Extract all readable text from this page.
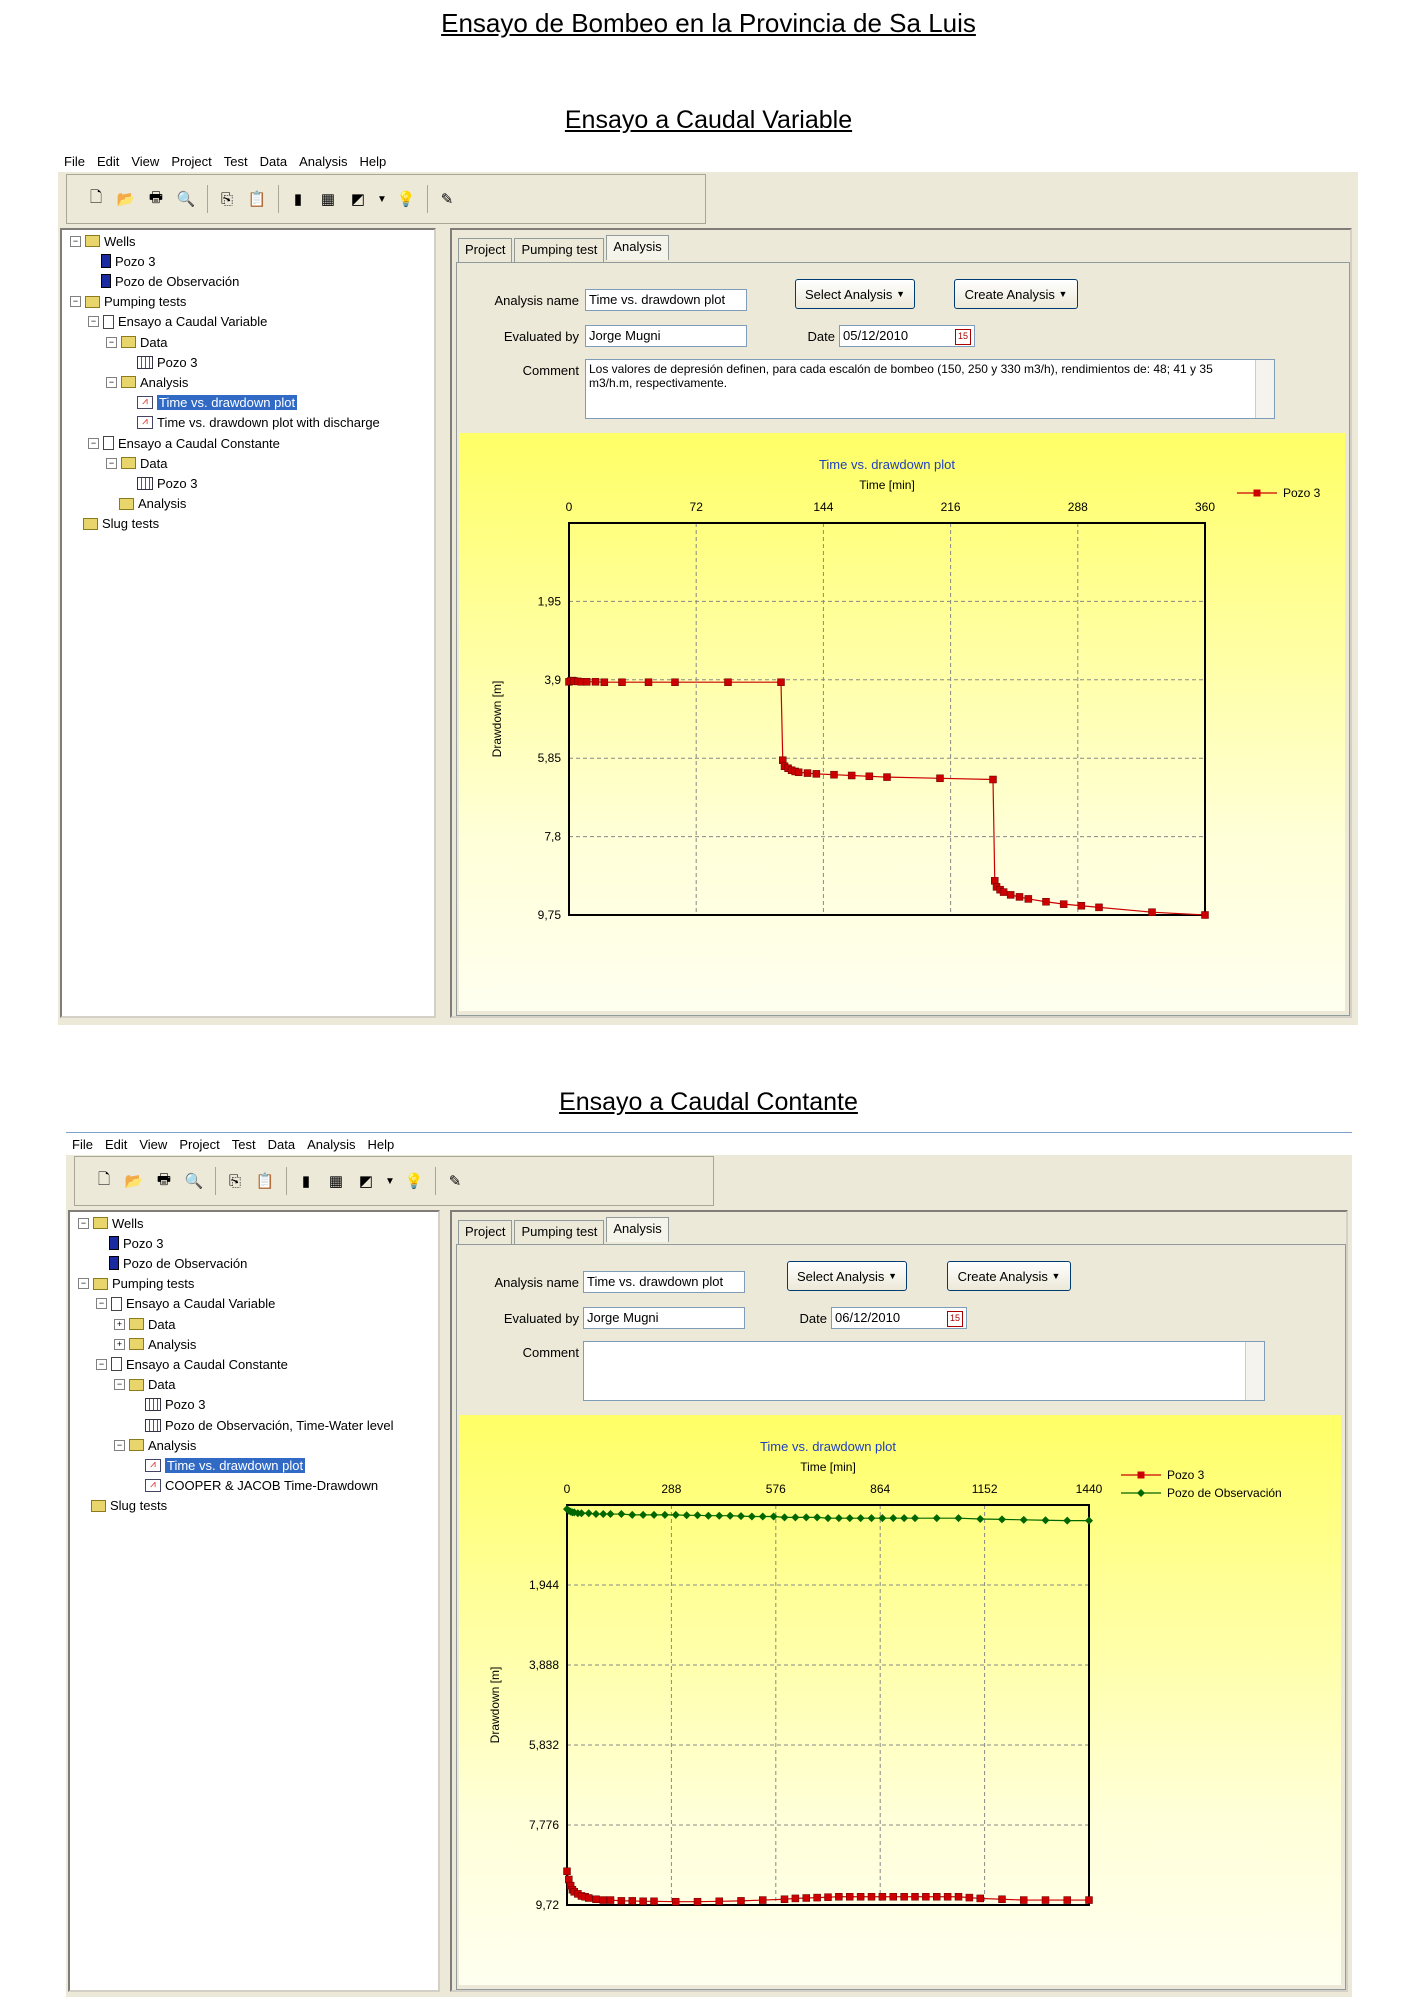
Ensayo de Bombeo en la Provincia de Sa Luis
Ensayo a Caudal Variable
File Edit View Project Test Data Analysis Help
🗋 📂 🖶 🔍	⎘ 📋	▮	▦ ◩	▼ 💡	✎
− Wells
Pozo 3
Pozo de Observación
− Pumping tests
− Ensayo a Caudal Variable
− Data
Pozo 3
− Analysis
⩘ Time vs. drawdown plot
⩘ Time vs. drawdown plot with discharge
− Ensayo a Caudal Constante
− Data
Pozo 3
Analysis
Slug tests
Project	Pumping test	Analysis
Analysis name Time vs. drawdown plot	Select Analysis
▼	Create Analysis
▼
Evaluated by Jorge Mugni	Date 05/12/2010	15
Comment Los valores de depresión definen, para cada escalón de bombeo (150, 250 y 330 m3/h), rendimientos de: 48; 41 y 35 m3/h.m, respectivamente.
Time vs. drawdown plot
Time [min]
Drawdown [m]
0	72	144	216	288	360
1,95
3,9
5,85
7,8
9,75
Pozo 3
Ensayo a Caudal Contante
File Edit View Project Test Data Analysis Help
🗋 📂 🖶 🔍	⎘ 📋	▮	▦ ◩	▼ 💡	✎
− Wells
Pozo 3
Pozo de Observación
− Pumping tests
− Ensayo a Caudal Variable
+ Data
+ Analysis
− Ensayo a Caudal Constante
− Data
Pozo 3
Pozo de Observación, Time-Water level
− Analysis
⩘ Time vs. drawdown plot
⩘ COOPER & JACOB Time-Drawdown
Slug tests
Project	Pumping test	Analysis
Analysis name Time vs. drawdown plot	Select Analysis
▼	Create Analysis
▼
Evaluated by Jorge Mugni	Date 06/12/2010	15
Comment
Time vs. drawdown plot
Time [min]
Drawdown [m]
0	288	576	864	1152	1440
1,944
3,888
5,832
7,776
9,72
Pozo 3
Pozo de Observación
